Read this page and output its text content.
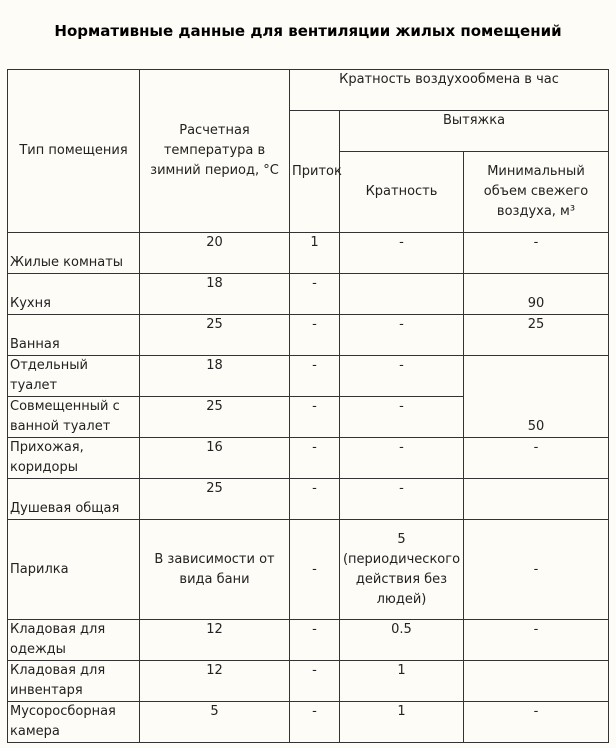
Нормативные данные для вентиляции жилых помещений
Тип помещения	Расчетная температура в зимний период, °С	Кратность воздухообмена в час		
		Приток	Вытяжка	
			Кратность	Минимальный объем свежего воздуха, м³
Жилые комнаты	20	1	-	-
Кухня	18	-		90
Ванная	25	-	-	25
Отдельный туалет	18	-	-	50
Совмещенный с ванной туалет	25	-	-	
Прихожая, коридоры	16	-	-	-
Душевая общая	25	-	-	
Парилка	В зависимости от вида бани	-	5 (периодического действия без людей)	-
Кладовая для одежды	12	-	0.5	-
Кладовая для инвентаря	12	-	1	
Мусоросборная камера	5	-	1	-
